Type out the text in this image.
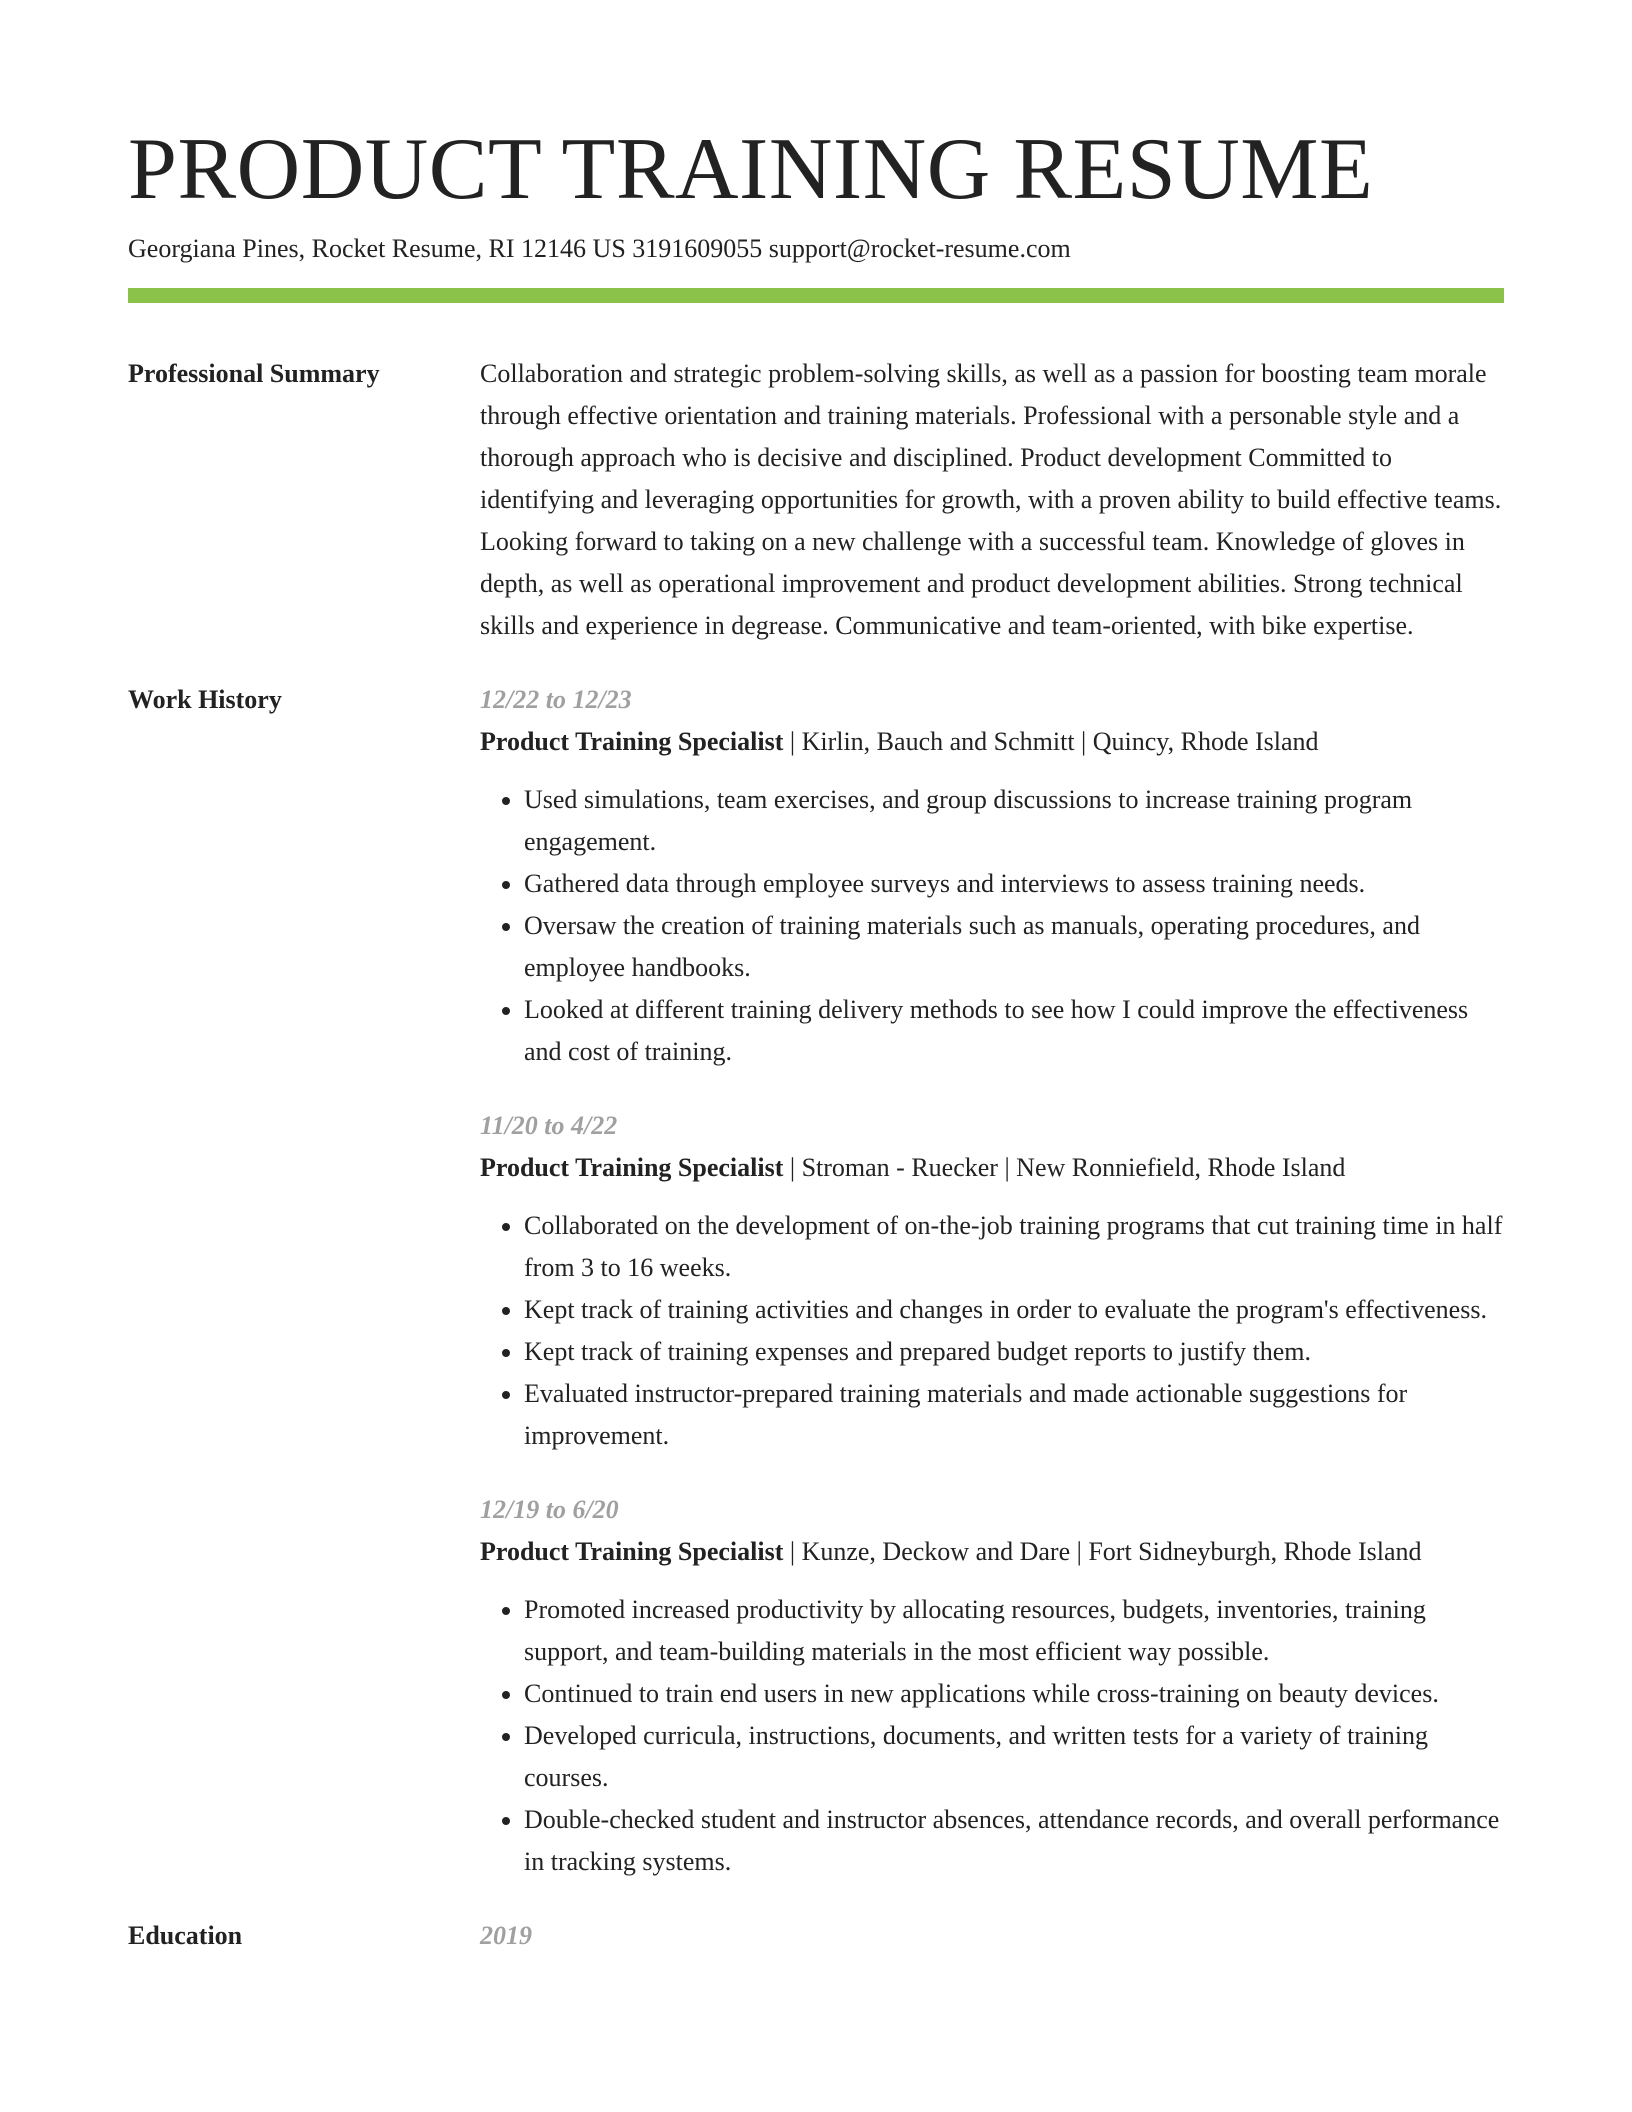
PRODUCT TRAINING RESUME
Georgiana Pines, Rocket Resume, RI 12146 US 3191609055 support@rocket-resume.com
Professional Summary	Collaboration and strategic problem-solving skills, as well as a passion for boosting team morale through effective orientation and training materials. Professional with a personable style and a thorough approach who is decisive and disciplined. Product development Committed to identifying and leveraging opportunities for growth, with a proven ability to build effective teams. Looking forward to taking on a new challenge with a successful team. Knowledge of gloves in depth, as well as operational improvement and product development abilities. Strong technical skills and experience in degrease. Communicative and team-oriented, with bike expertise.
Work History	12/22 to 12/23
Product Training Specialist | Kirlin, Bauch and Schmitt | Quincy, Rhode Island
• Used simulations, team exercises, and group discussions to increase training program engagement.
• Gathered data through employee surveys and interviews to assess training needs.
• Oversaw the creation of training materials such as manuals, operating procedures, and employee handbooks.
• Looked at different training delivery methods to see how I could improve the effectiveness and cost of training.
11/20 to 4/22
Product Training Specialist | Stroman - Ruecker | New Ronniefield, Rhode Island
• Collaborated on the development of on-the-job training programs that cut training time in half from 3 to 16 weeks.
• Kept track of training activities and changes in order to evaluate the program's effectiveness.
• Kept track of training expenses and prepared budget reports to justify them.
• Evaluated instructor-prepared training materials and made actionable suggestions for improvement.
12/19 to 6/20
Product Training Specialist | Kunze, Deckow and Dare | Fort Sidneyburgh, Rhode Island
• Promoted increased productivity by allocating resources, budgets, inventories, training support, and team-building materials in the most efficient way possible.
• Continued to train end users in new applications while cross-training on beauty devices.
• Developed curricula, instructions, documents, and written tests for a variety of training courses.
• Double-checked student and instructor absences, attendance records, and overall performance in tracking systems.
Education	2019
